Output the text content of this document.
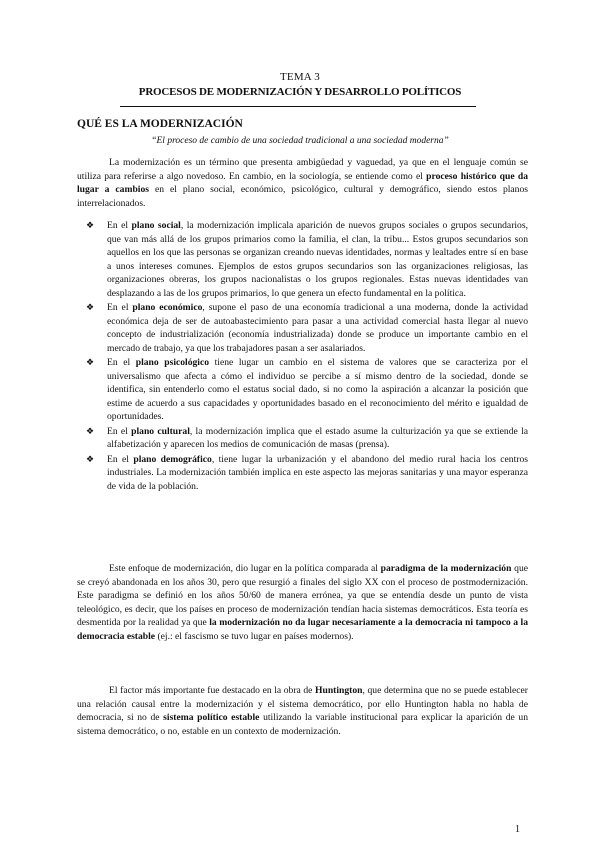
TEMA 3
PROCESOS DE MODERNIZACIÓN Y DESARROLLO POLÍTICOS
QUÉ ES LA MODERNIZACIÓN
“El proceso de cambio de una sociedad tradicional a una sociedad moderna”

La modernización es un término que presenta ambigüedad y vaguedad, ya que en el lenguaje común se utiliza para referirse a algo novedoso. En cambio, en la sociología, se entiende como el proceso histórico que da lugar a cambios en el plano social, económico, psicológico, cultural y demográfico, siendo estos planos interrelacionados.

❖ En el plano social, la modernización implicala aparición de nuevos grupos sociales o grupos secundarios, que van más allá de los grupos primarios como la familia, el clan, la tribu... Estos grupos secundarios son aquellos en los que las personas se organizan creando nuevas identidades, normas y lealtades entre sí en base a unos intereses comunes. Ejemplos de estos grupos secundarios son las organizaciones religiosas, las organizaciones obreras, los grupos nacionalistas o los grupos regionales. Estas nuevas identidades van desplazando a las de los grupos primarios, lo que genera un efecto fundamental en la política.
❖ En el plano económico, supone el paso de una economía tradicional a una moderna, donde la actividad económica deja de ser de autoabastecimiento para pasar a una actividad comercial hasta llegar al nuevo concepto de industrialización (economía industrializada) donde se produce un importante cambio en el mercado de trabajo, ya que los trabajadores pasan a ser asalariados.
❖ En el plano psicológico tiene lugar un cambio en el sistema de valores que se caracteriza por el universalismo que afecta a cómo el individuo se percibe a sí mismo dentro de la sociedad, donde se identifica, sin entenderlo como el estatus social dado, si no como la aspiración a alcanzar la posición que estime de acuerdo a sus capacidades y oportunidades basado en el reconocimiento del mérito e igualdad de oportunidades.
❖ En el plano cultural, la modernización implica que el estado asume la culturización ya que se extiende la alfabetización y aparecen los medios de comunicación de masas (prensa).
❖ En el plano demográfico, tiene lugar la urbanización y el abandono del medio rural hacia los centros industriales. La modernización también implica en este aspecto las mejoras sanitarias y una mayor esperanza de vida de la población.

Este enfoque de modernización, dio lugar en la política comparada al paradigma de la modernización que se creyó abandonada en los años 30, pero que resurgió a finales del siglo XX con el proceso de postmodernización. Este paradigma se definió en los años 50/60 de manera errónea, ya que se entendía desde un punto de vista teleológico, es decir, que los países en proceso de modernización tendían hacia sistemas democráticos. Esta teoría es desmentida por la realidad ya que la modernización no da lugar necesariamente a la democracia ni tampoco a la democracia estable (ej.: el fascismo se tuvo lugar en países modernos).

El factor más importante fue destacado en la obra de Huntington, que determina que no se puede establecer una relación causal entre la modernización y el sistema democrático, por ello Huntington habla no habla de democracia, si no de sistema político estable utilizando la variable institucional para explicar la aparición de un sistema democrático, o no, estable en un contexto de modernización.

1
